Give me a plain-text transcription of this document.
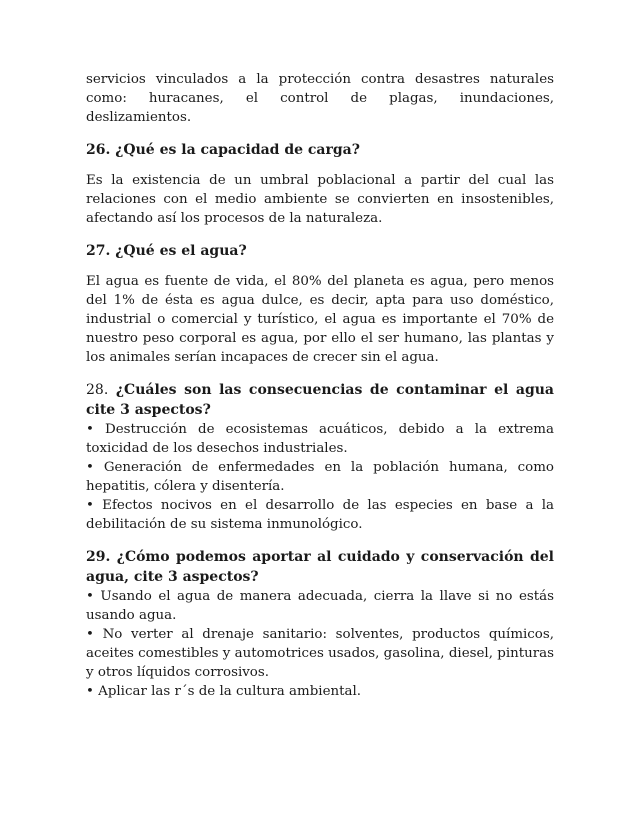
servicios vinculados a la protección contra desastres naturales como: huracanes, el control de plagas, inundaciones, deslizamientos.

26. ¿Qué es la capacidad de carga?

Es la existencia de un umbral poblacional a partir del cual las relaciones con el medio ambiente se convierten en insostenibles, afectando así los procesos de la naturaleza.

27. ¿Qué es el agua?

El agua es fuente de vida, el 80% del planeta es agua, pero menos del 1% de ésta es agua dulce, es decir, apta para uso doméstico, industrial o comercial y turístico, el agua es importante el 70% de nuestro peso corporal es agua, por ello el ser humano, las plantas y los animales serían incapaces de crecer sin el agua.

28. ¿Cuáles son las consecuencias de contaminar el agua cite 3 aspectos?

• Destrucción de ecosistemas acuáticos, debido a la extrema toxicidad de los desechos industriales.

• Generación de enfermedades en la población humana, como hepatitis, cólera y disentería.

• Efectos nocivos en el desarrollo de las especies en base a la debilitación de su sistema inmunológico.

29. ¿Cómo podemos aportar al cuidado y conservación del agua, cite 3 aspectos?

• Usando el agua de manera adecuada, cierra la llave si no estás usando agua.

• No verter al drenaje sanitario: solventes, productos químicos, aceites comestibles y automotrices usados, gasolina, diesel, pinturas y otros líquidos corrosivos.

• Aplicar las r´s de la cultura ambiental.
